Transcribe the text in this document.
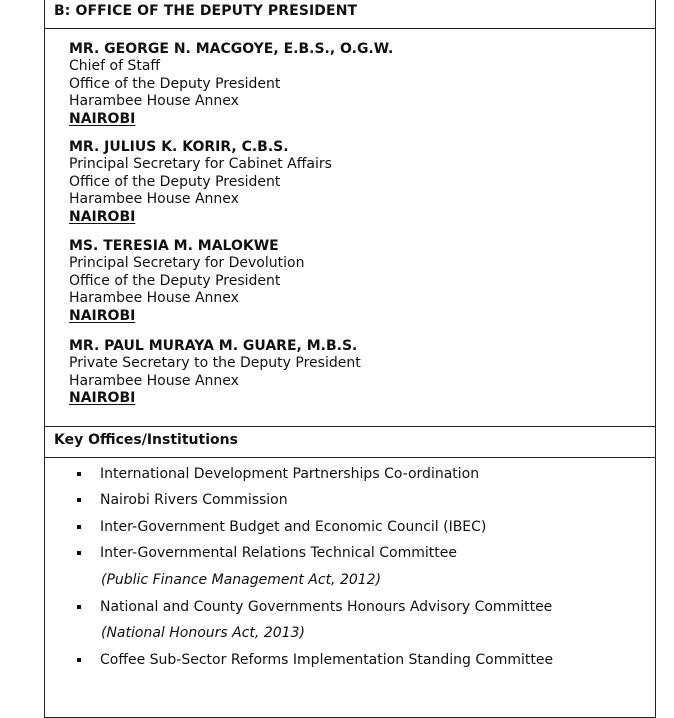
B: OFFICE OF THE DEPUTY PRESIDENT
MR. GEORGE N. MACGOYE, E.B.S., O.G.W.
Chief of Staff
Office of the Deputy President
Harambee House Annex
NAIROBI
MR. JULIUS K. KORIR, C.B.S.
Principal Secretary for Cabinet Affairs
Office of the Deputy President
Harambee House Annex
NAIROBI
MS. TERESIA M. MALOKWE
Principal Secretary for Devolution
Office of the Deputy President
Harambee House Annex
NAIROBI
MR. PAUL MURAYA M. GUARE, M.B.S.
Private Secretary to the Deputy President
Harambee House Annex
NAIROBI
Key Offices/Institutions
International Development Partnerships Co-ordination
Nairobi Rivers Commission
Inter-Government Budget and Economic Council (IBEC)
Inter-Governmental Relations Technical Committee
(Public Finance Management Act, 2012)
National and County Governments Honours Advisory Committee
(National Honours Act, 2013)
Coffee Sub-Sector Reforms Implementation Standing Committee
